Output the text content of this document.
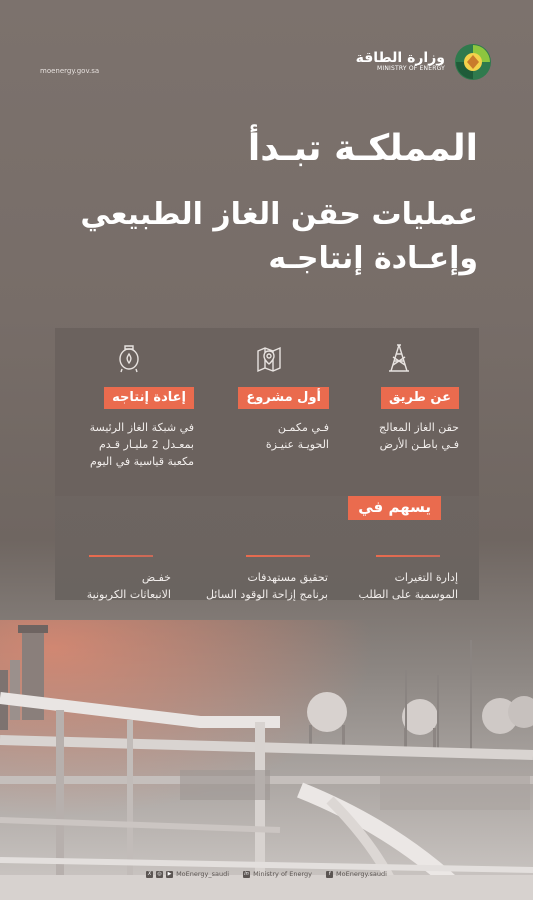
moenergy.gov.sa
وزارة الطاقة
MINISTRY OF ENERGY
المملكـة تبـدأ
عمليات حقن الغاز الطبيعي
وإعـادة إنتاجـه
عن طريق
حقن الغاز المعالج
فـي باطـن الأرض
أول مشروع
فـي مكمـن
الحويـة عنيـزة
إعادة إنتاجه
في شبكة الغاز الرئيسة
بمعـدل 2 مليـار قـدم
مكعبة قياسية في اليوم
يسهم في
إدارة التغيرات
الموسمية على الطلب
تحقيق مستهدفات
برنامج إزاحة الوقود السائل
خفـض
الانبعاثات الكربونية
X	◎	▶ MoEnergy_saudi	in Ministry of Energy	f MoEnergy.saudi
